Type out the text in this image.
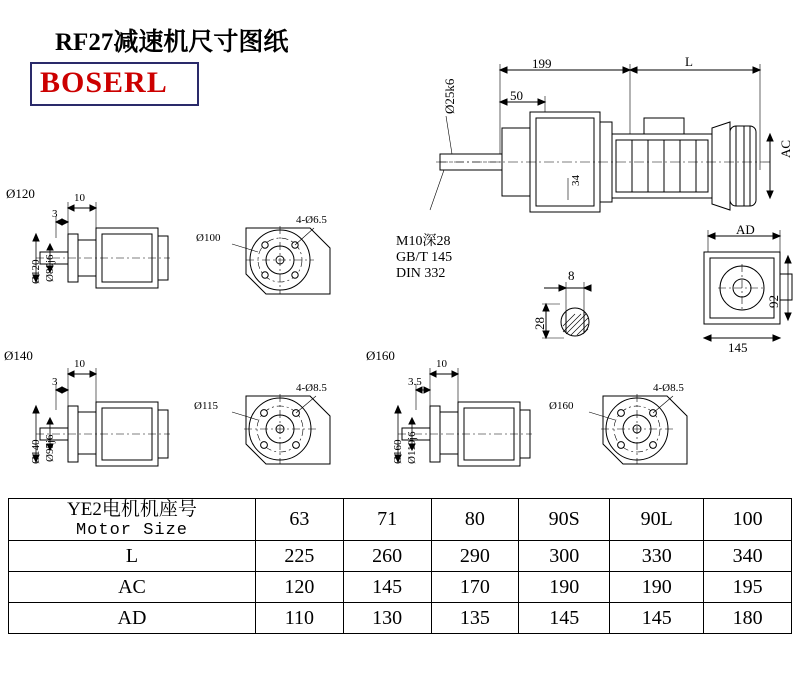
RF27减速机尺寸图纸
BOSERL
199	L
50
Ø25k6
34
AC
M10深28
GB/T 145
DIN 332	8
28
AD
92
145
Ø120	10
3
Ø120 Ø80j6
Ø100
4-Ø6.5
Ø140
10
3
Ø140 Ø95j6
Ø115
4-Ø8.5
Ø160
10
3.5
Ø160 Ø110j6
Ø160
4-Ø8.5
YE2电机机座号
Motor Size	63	71	80	90S	90L	100
L	225	260	290	300	330	340
AC	120	145	170	190	190	195
AD	110	130	135	145	145	180
